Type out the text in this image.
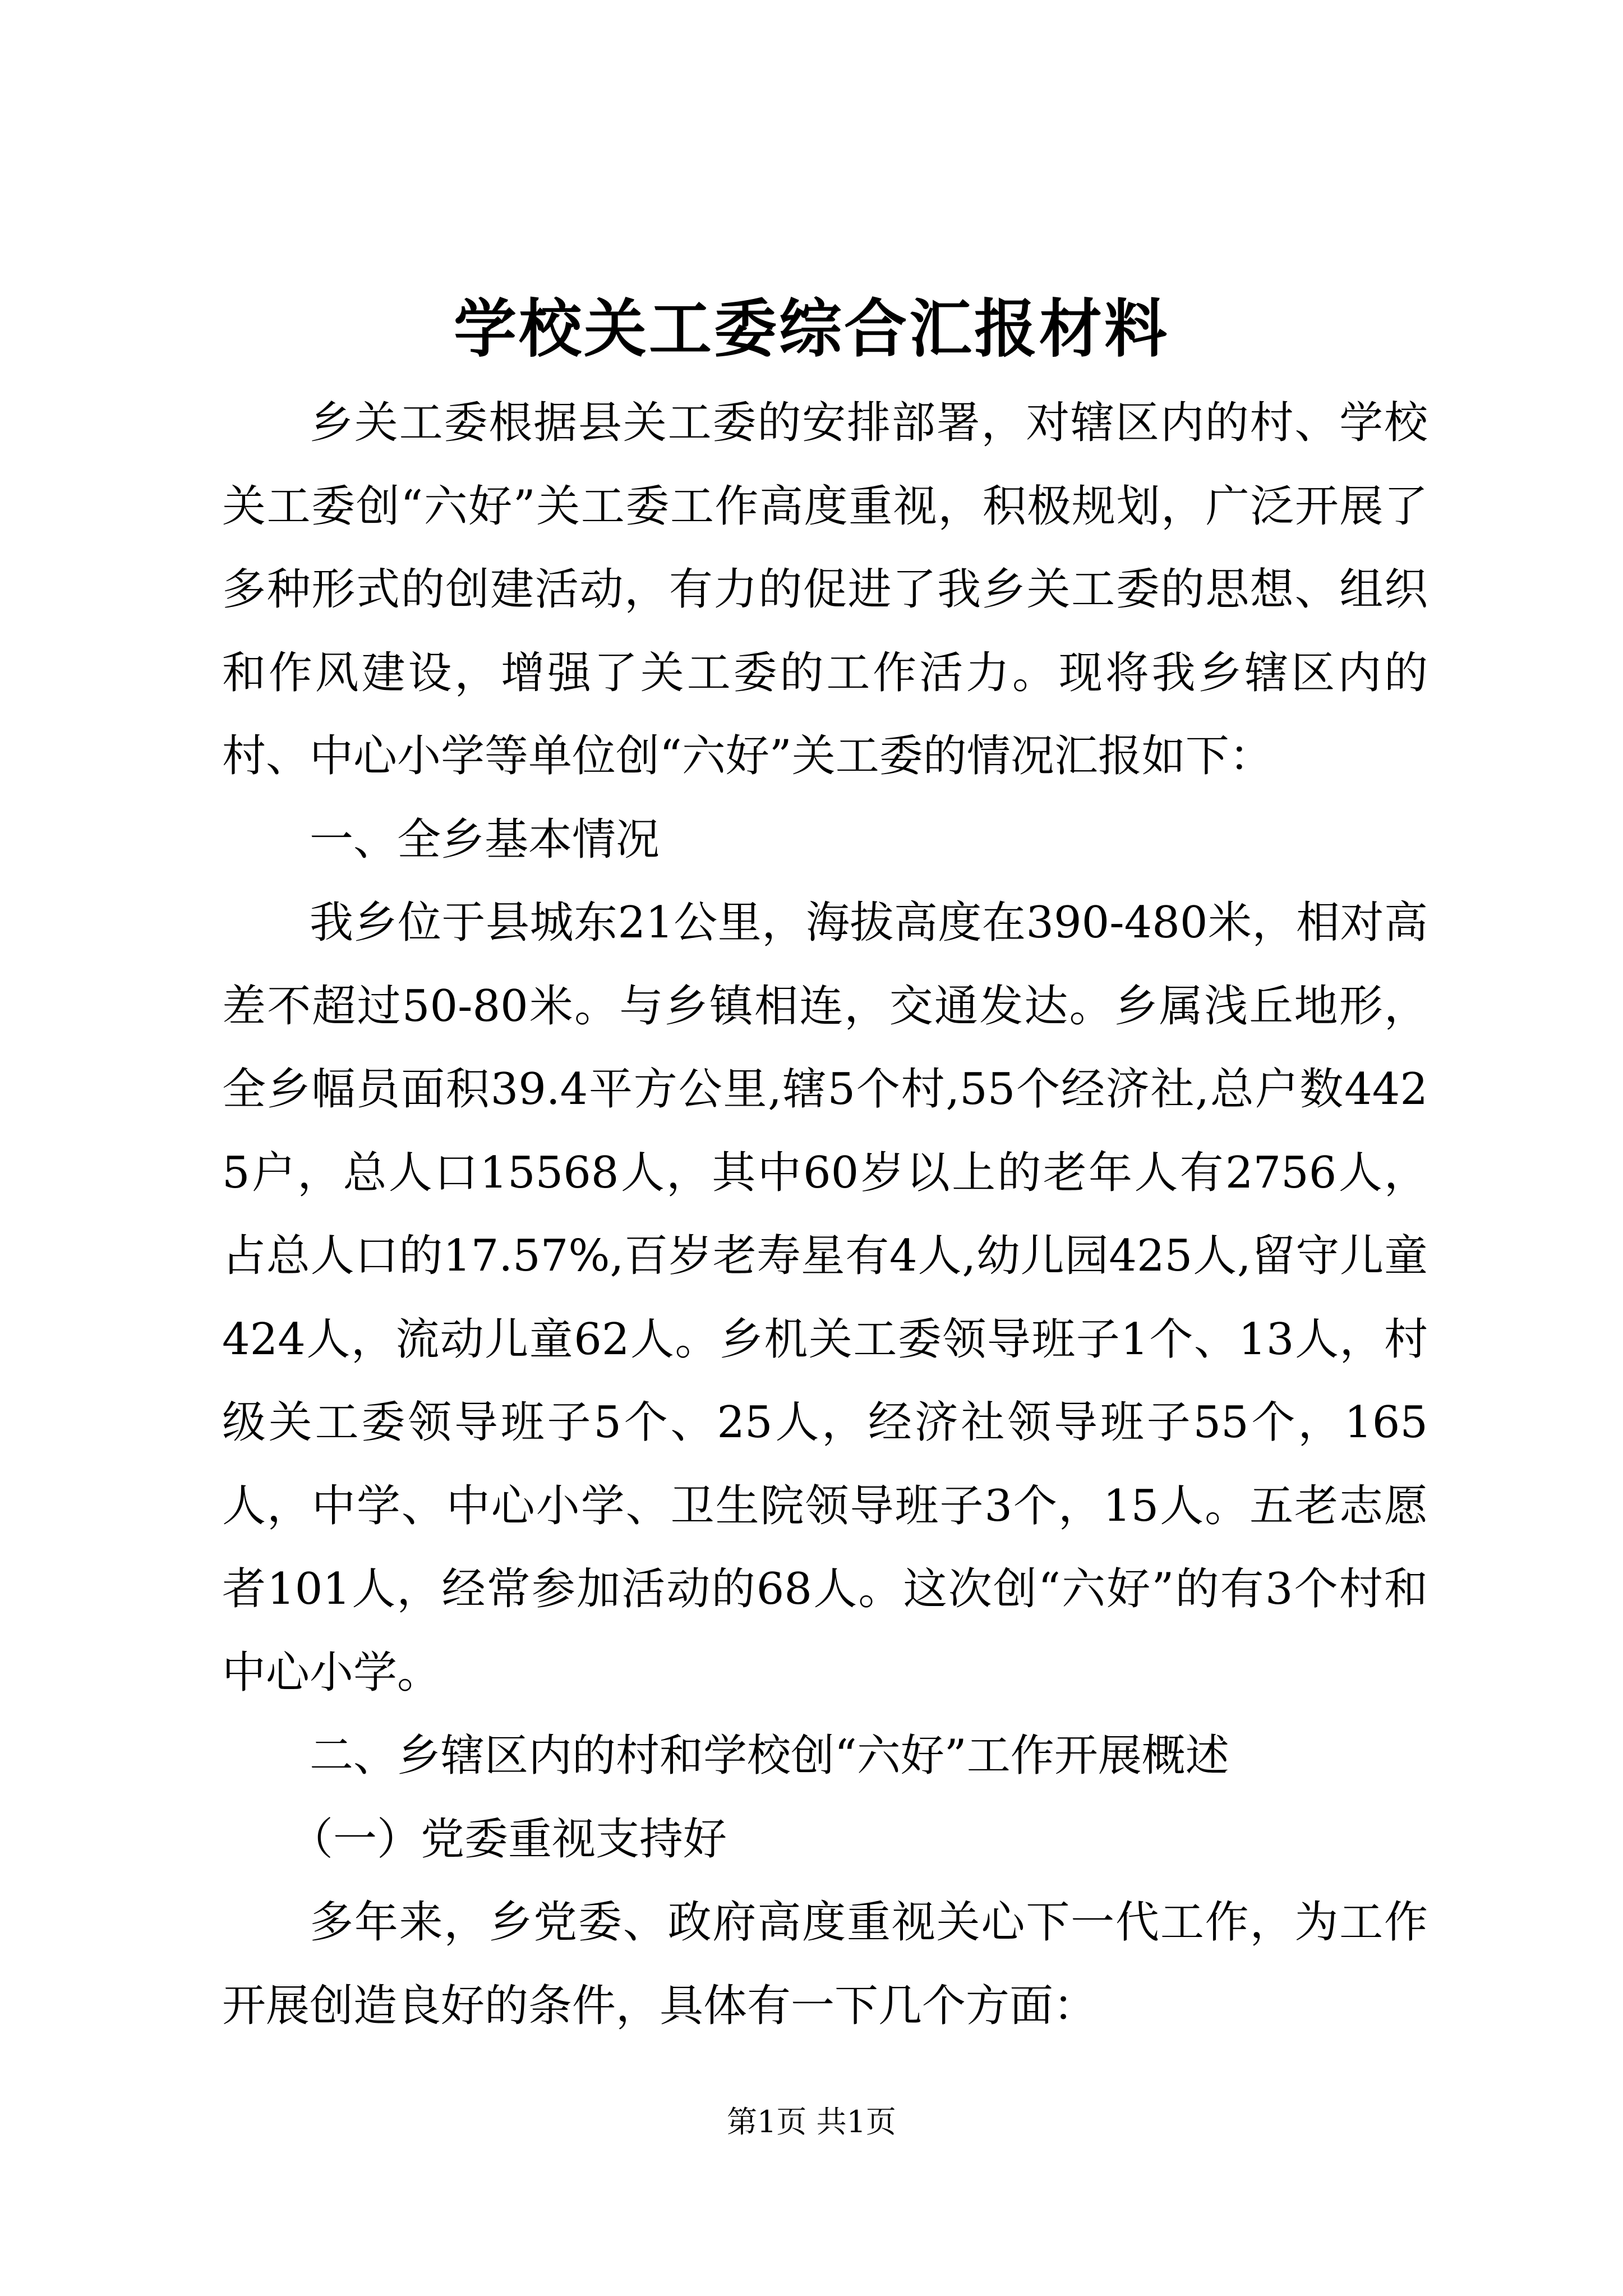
学校关工委综合汇报材料

乡关工委根据县关工委的安排部署，对辖区内的村、学校关工委创“六好”关工委工作高度重视，积极规划，广泛开展了多种形式的创建活动，有力的促进了我乡关工委的思想、组织和作风建设，增强了关工委的工作活力。现将我乡辖区内的村、中心小学等单位创“六好”关工委的情况汇报如下：

一、全乡基本情况

我乡位于县城东21公里，海拔高度在390-480米，相对高差不超过50-80米。与乡镇相连，交通发达。乡属浅丘地形，全乡幅员面积39.4平方公里,辖5个村,55个经济社,总户数4425户，总人口15568人，其中60岁以上的老年人有2756人，占总人口的17.57%,百岁老寿星有4人,幼儿园425人,留守儿童424人，流动儿童62人。乡机关工委领导班子1个、13人，村级关工委领导班子5个、25人，经济社领导班子55个，165人，中学、中心小学、卫生院领导班子3个，15人。五老志愿者101人，经常参加活动的68人。这次创“六好”的有3个村和中心小学。

二、乡辖区内的村和学校创“六好”工作开展概述

（一）党委重视支持好

多年来，乡党委、政府高度重视关心下一代工作，为工作开展创造良好的条件，具体有一下几个方面：

第1页 共1页
